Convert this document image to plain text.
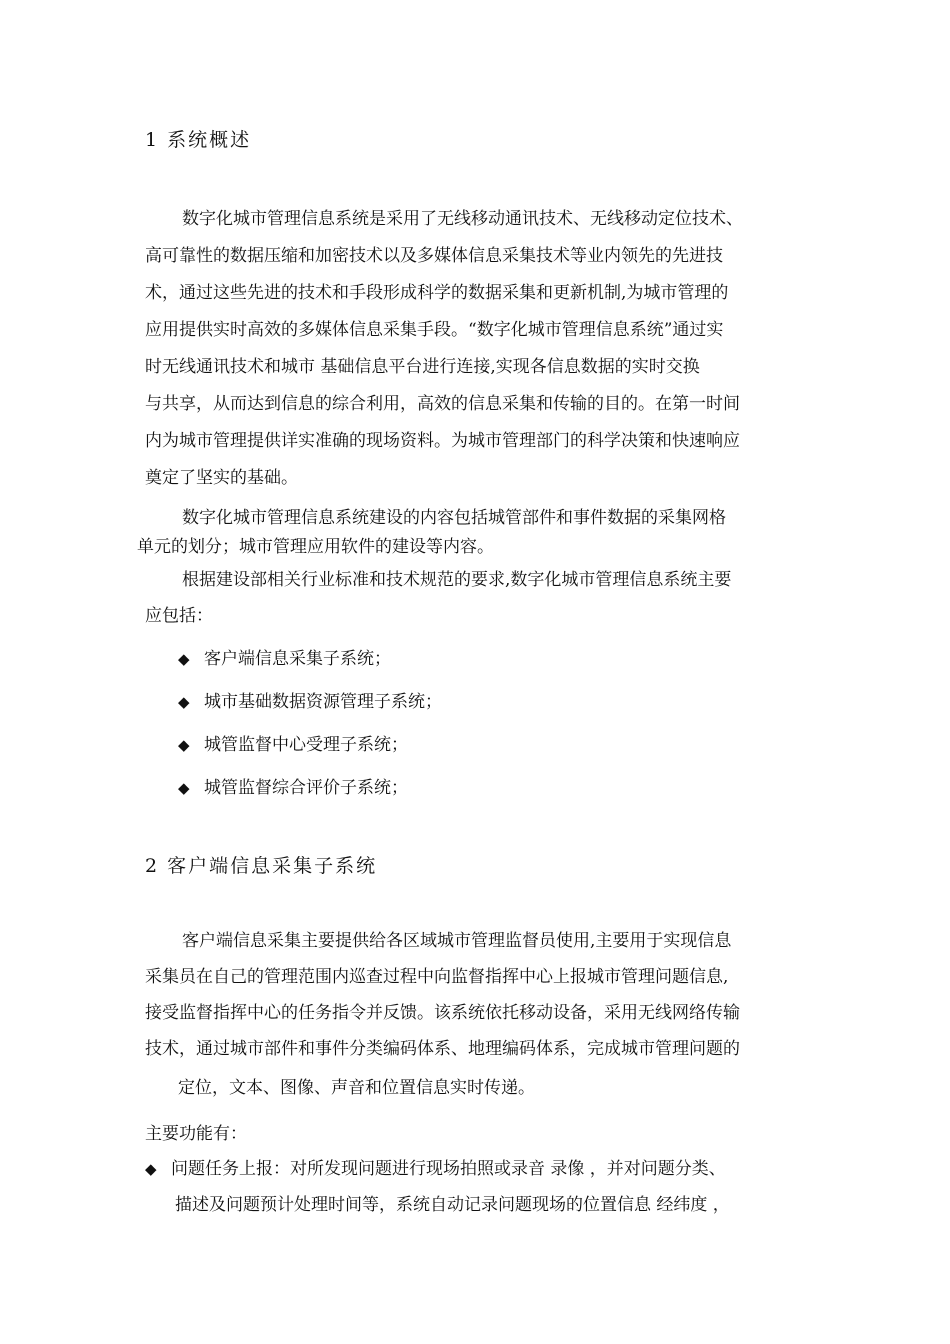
1 系统概述
数字化城市管理信息系统是采用了无线移动通讯技术、无线移动定位技术、
高可靠性的数据压缩和加密技术以及多媒体信息采集技术等业内领先的先进技
术，通过这些先进的技术和手段形成科学的数据采集和更新机制,为城市管理的
应用提供实时高效的多媒体信息采集手段。“数字化城市管理信息系统”通过实
时无线通讯技术和城市 基础信息平台进行连接,实现各信息数据的实时交换
与共享，从而达到信息的综合利用，高效的信息采集和传输的目的。在第一时间
内为城市管理提供详实准确的现场资料。为城市管理部门的科学决策和快速响应
奠定了坚实的基础。
数字化城市管理信息系统建设的内容包括城管部件和事件数据的采集网格
单元的划分；城市管理应用软件的建设等内容。
根据建设部相关行业标准和技术规范的要求,数字化城市管理信息系统主要
应包括：
◆ 客户端信息采集子系统；
◆ 城市基础数据资源管理子系统；
◆ 城管监督中心受理子系统；
◆ 城管监督综合评价子系统；
2 客户端信息采集子系统
客户端信息采集主要提供给各区域城市管理监督员使用,主要用于实现信息
采集员在自己的管理范围内巡查过程中向监督指挥中心上报城市管理问题信息,
接受监督指挥中心的任务指令并反馈。该系统依托移动设备，采用无线网络传输
技术，通过城市部件和事件分类编码体系、地理编码体系，完成城市管理问题的
定位，文本、图像、声音和位置信息实时传递。
主要功能有：
◆ 问题任务上报：对所发现问题进行现场拍照或录音 录像 ，并对问题分类、
描述及问题预计处理时间等，系统自动记录问题现场的位置信息 经纬度 ，
